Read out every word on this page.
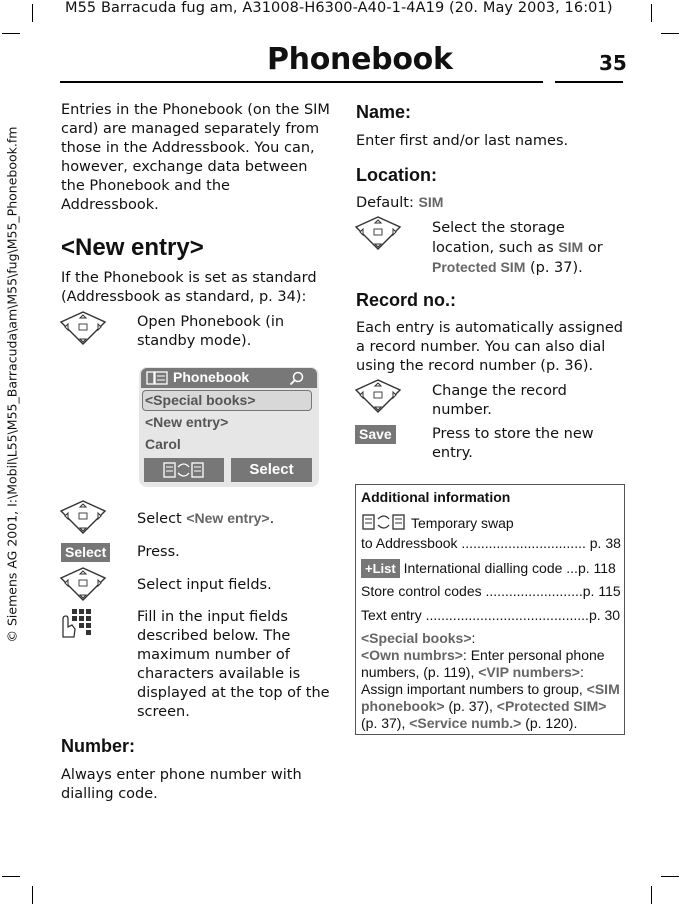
M55 Barracuda fug am, A31008-H6300-A40-1-4A19 (20. May 2003, 16:01)
Phonebook	35
© Siemens AG 2001, I:\Mobil\L55\M55_Barracuda\am\M55\fug\M55_Phonebook.fm
Entries in the Phonebook (on the SIM
card) are managed separately from
those in the Addressbook. You can,
however, exchange data between
the Phonebook and the
Addressbook.
<New entry>
If the Phonebook is set as standard
(Addressbook as standard, p. 34):
Open Phonebook (in
standby mode).
Phonebook
<Special books>
<New entry>
Carol
Select
Select <New entry>.
Select Press.
Select input fields.
Fill in the input fields
described below. The
maximum number of
characters available is
displayed at the top of the
screen.
Number:
Always enter phone number with
dialling code.
Name:
Enter first and/or last names.
Location:
Default: SIM
Select the storage
location, such as SIM or
Protected SIM (p. 37).
Record no.:
Each entry is automatically assigned
a record number. You can also dial
using the record number (p. 36).
Change the record
number.
Save	Press to store the new
entry.
Additional information
Temporary swap
to Addressbook ................................ p. 38
+List International dialling code ...p. 118
Store control codes .........................p. 115
Text entry ..........................................p. 30
<Special books>:
<Own numbrs>: Enter personal phone
numbers, (p. 119), <VIP numbers>:
Assign important numbers to group, <SIM
phonebook> (p. 37), <Protected SIM>
(p. 37), <Service numb.> (p. 120).
